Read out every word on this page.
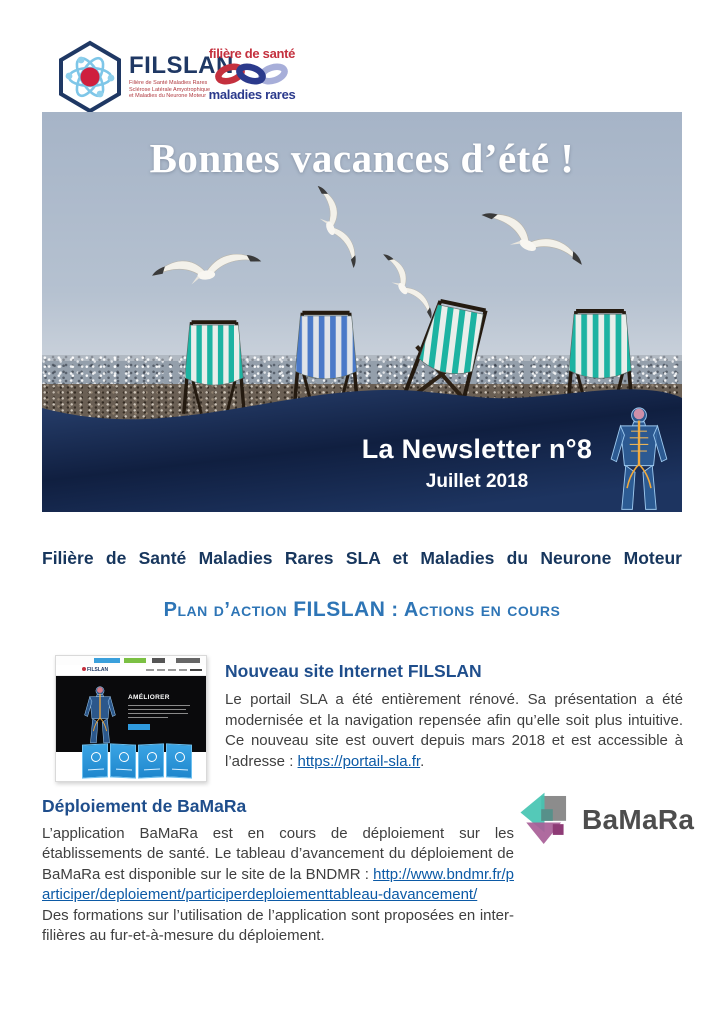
FILSLAN
Filière de Santé Maladies Rares
Sclérose Latérale Amyotrophique
et Maladies du Neurone Moteur
filière de santé
maladies rares
Bonnes vacances d’été !
La Newsletter n°8
Juillet 2018
Filière de Santé Maladies Rares SLA et Maladies du Neurone Moteur
Plan d’action FILSLAN : Actions en cours
FILSLAN
AMÉLIORER
Nouveau site Internet FILSLAN
Le portail SLA a été entièrement rénové. Sa présentation a été modernisée et la navigation repensée afin qu’elle soit plus intuitive. Ce nouveau site est ouvert depuis mars 2018 et est accessible à l’adresse : https://portail-sla.fr.
Déploiement de BaMaRa
L’application BaMaRa est en cours de déploiement sur les établissements de santé. Le tableau d’avancement du déploiement de BaMaRa est disponible sur le site de la BNDMR : http://www.bndmr.fr/participer/deploiement/participerdeploiementtableau-davancement/
Des formations sur l’utilisation de l’application sont proposées en inter-filières au fur-et-à-mesure du déploiement.
BaMaRa
